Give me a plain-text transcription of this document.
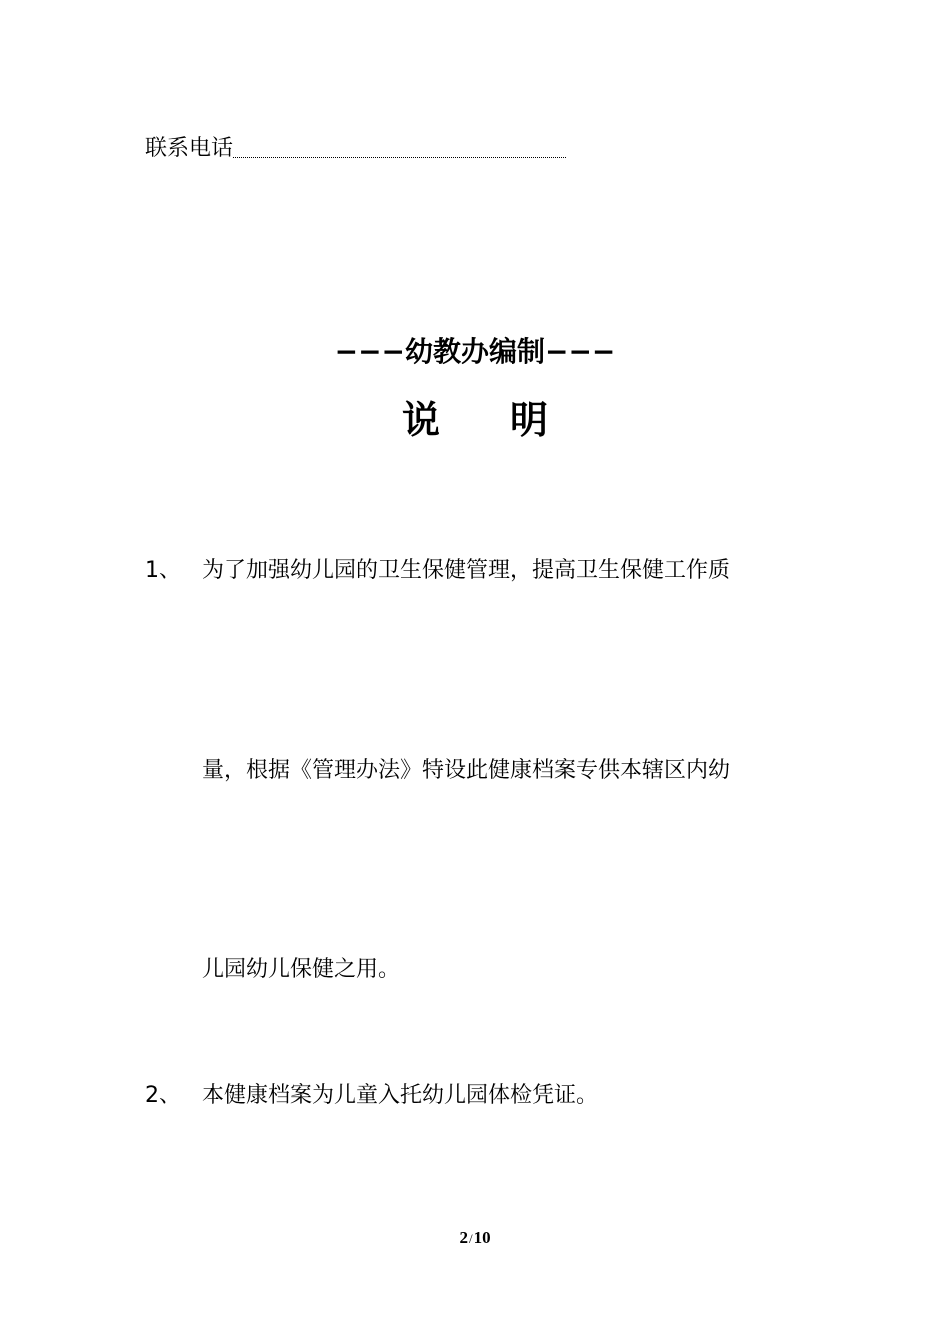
联系电话
−−−幼教办编制−−−
说明
1、 为了加强幼儿园的卫生保健管理，提高卫生保健工作质
量，根据《管理办法》特设此健康档案专供本辖区内幼
儿园幼儿保健之用。
2、 本健康档案为儿童入托幼儿园体检凭证。
2/10
